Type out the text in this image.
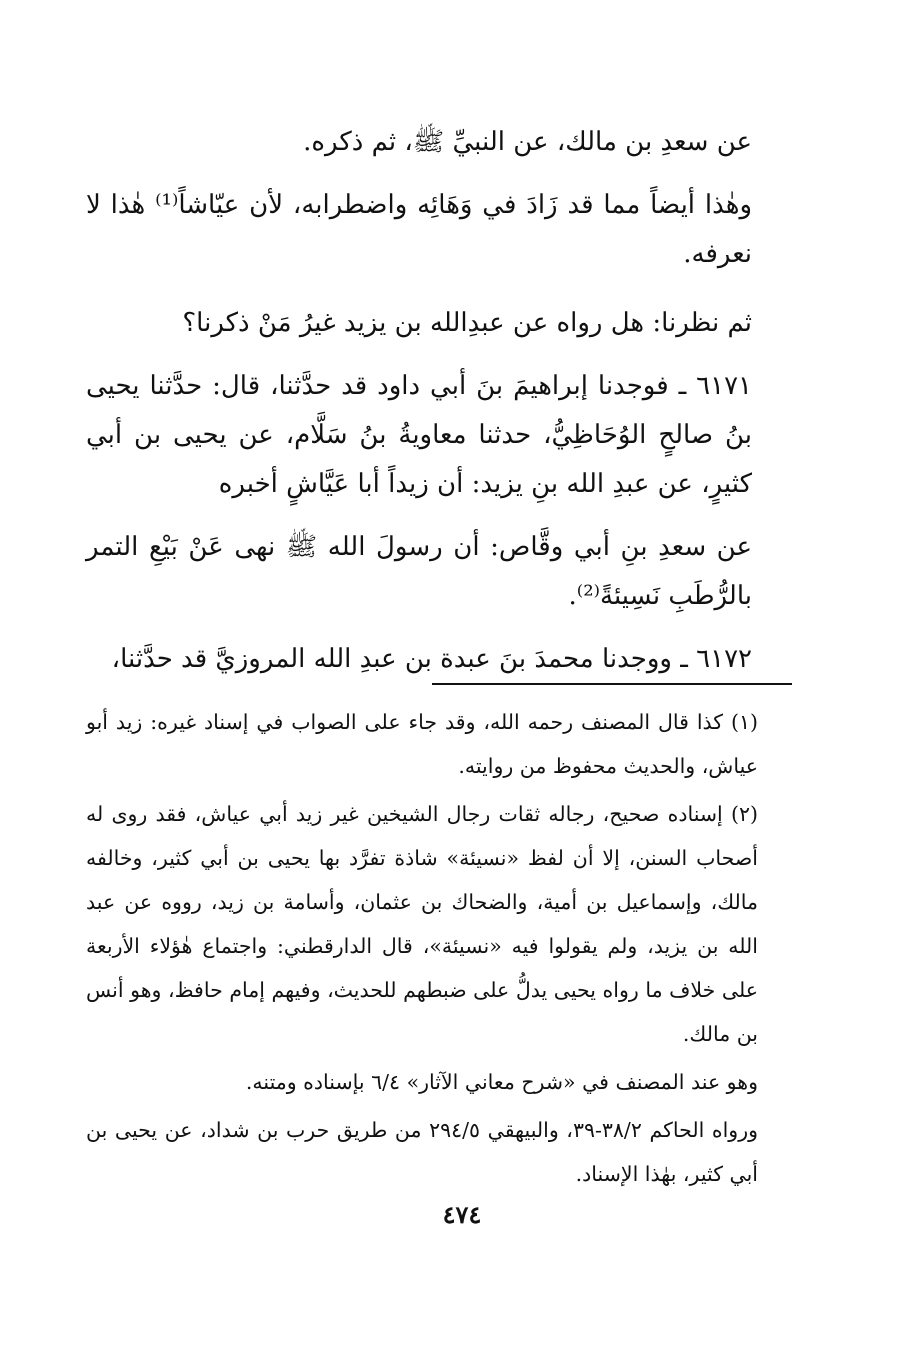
عن سعدِ بن مالك، عن النبيِّ ﷺ، ثم ذكره.

وهٰذا أيضاً مما قد زَادَ في وَهَائِه واضطرابه، لأن عيّاشاً⁽¹⁾ هٰذا لا نعرفه.

ثم نظرنا: هل رواه عن عبدِالله بن يزيد غيرُ مَنْ ذكرنا؟

٦١٧١ ـ فوجدنا إبراهيمَ بنَ أبي داود قد حدَّثنا، قال: حدَّثنا يحيى بنُ صالحٍ الوُحَاظِيُّ، حدثنا معاويةُ بنُ سَلَّام، عن يحيى بن أبي كثيرٍ، عن عبدِ الله بنِ يزيد: أن زيداً أبا عَيَّاشٍ أخبره

عن سعدِ بنِ أبي وقَّاص: أن رسولَ الله ﷺ نهى عَنْ بَيْعِ التمر بالرُّطَبِ نَسِيئةً⁽²⁾.

٦١٧٢ ـ ووجدنا محمدَ بنَ عبدة بن عبدِ الله المروزيَّ قد حدَّثنا،

(١) كذا قال المصنف رحمه الله، وقد جاء على الصواب في إسناد غيره: زيد أبو عياش، والحديث محفوظ من روايته.

(٢) إسناده صحيح، رجاله ثقات رجال الشيخين غير زيد أبي عياش، فقد روى له أصحاب السنن، إلا أن لفظ «نسيئة» شاذة تفرَّد بها يحيى بن أبي كثير، وخالفه مالك، وإسماعيل بن أمية، والضحاك بن عثمان، وأسامة بن زيد، رووه عن عبد الله بن يزيد، ولم يقولوا فيه «نسيئة»، قال الدارقطني: واجتماع هٰؤلاء الأربعة على خلاف ما رواه يحيى يدلُّ على ضبطهم للحديث، وفيهم إمام حافظ، وهو أنس بن مالك.

وهو عند المصنف في «شرح معاني الآثار» ٦/٤ بإسناده ومتنه.

ورواه الحاكم ٣٨/٢-٣٩، والبيهقي ٢٩٤/٥ من طريق حرب بن شداد، عن يحيى بن أبي كثير، بهٰذا الإسناد.

٤٧٤
